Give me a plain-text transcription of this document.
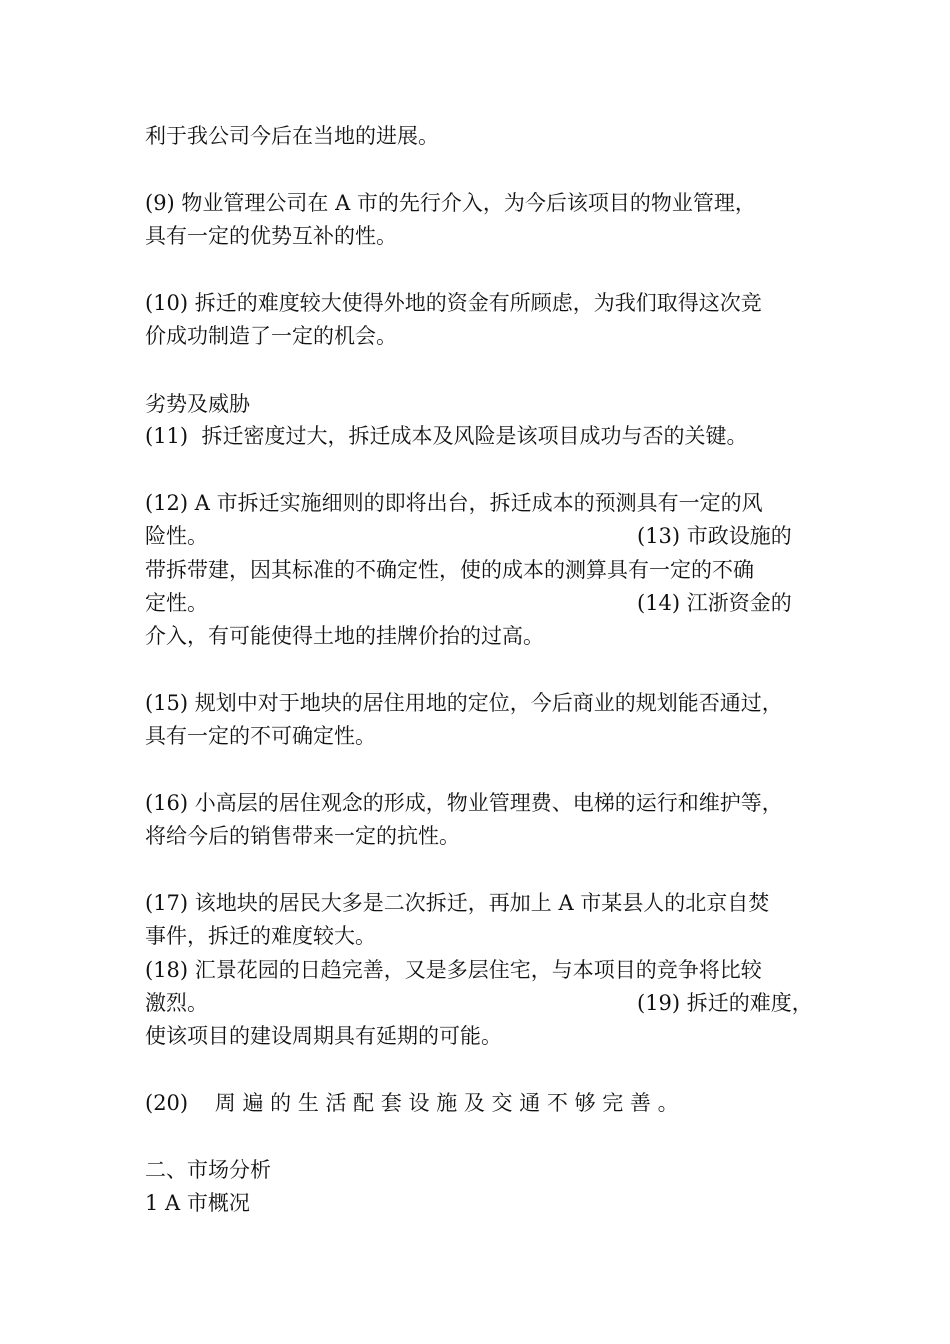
利于我公司今后在当地的进展。
(9) 物业管理公司在 A 市的先行介入，为今后该项目的物业管理，
具有一定的优势互补的性。
(10) 拆迁的难度较大使得外地的资金有所顾虑，为我们取得这次竞
价成功制造了一定的机会。
劣势及威胁
(11)  拆迁密度过大，拆迁成本及风险是该项目成功与否的关键。
(12) A 市拆迁实施细则的即将出台，拆迁成本的预测具有一定的风
险性。	(13) 市政设施的
带拆带建，因其标准的不确定性，使的成本的测算具有一定的不确
定性。	(14) 江浙资金的
介入，有可能使得土地的挂牌价抬的过高。
(15) 规划中对于地块的居住用地的定位，今后商业的规划能否通过，
具有一定的不可确定性。
(16) 小高层的居住观念的形成，物业管理费、电梯的运行和维护等，
将给今后的销售带来一定的抗性。
(17) 该地块的居民大多是二次拆迁，再加上 A 市某县人的北京自焚
事件，拆迁的难度较大。
(18) 汇景花园的日趋完善，又是多层住宅，与本项目的竞争将比较
激烈。	(19) 拆迁的难度，
使该项目的建设周期具有延期的可能。
(20)    周 遍 的 生 活 配 套 设 施 及 交 通 不 够 完 善 。
二、市场分析
1 A 市概况
